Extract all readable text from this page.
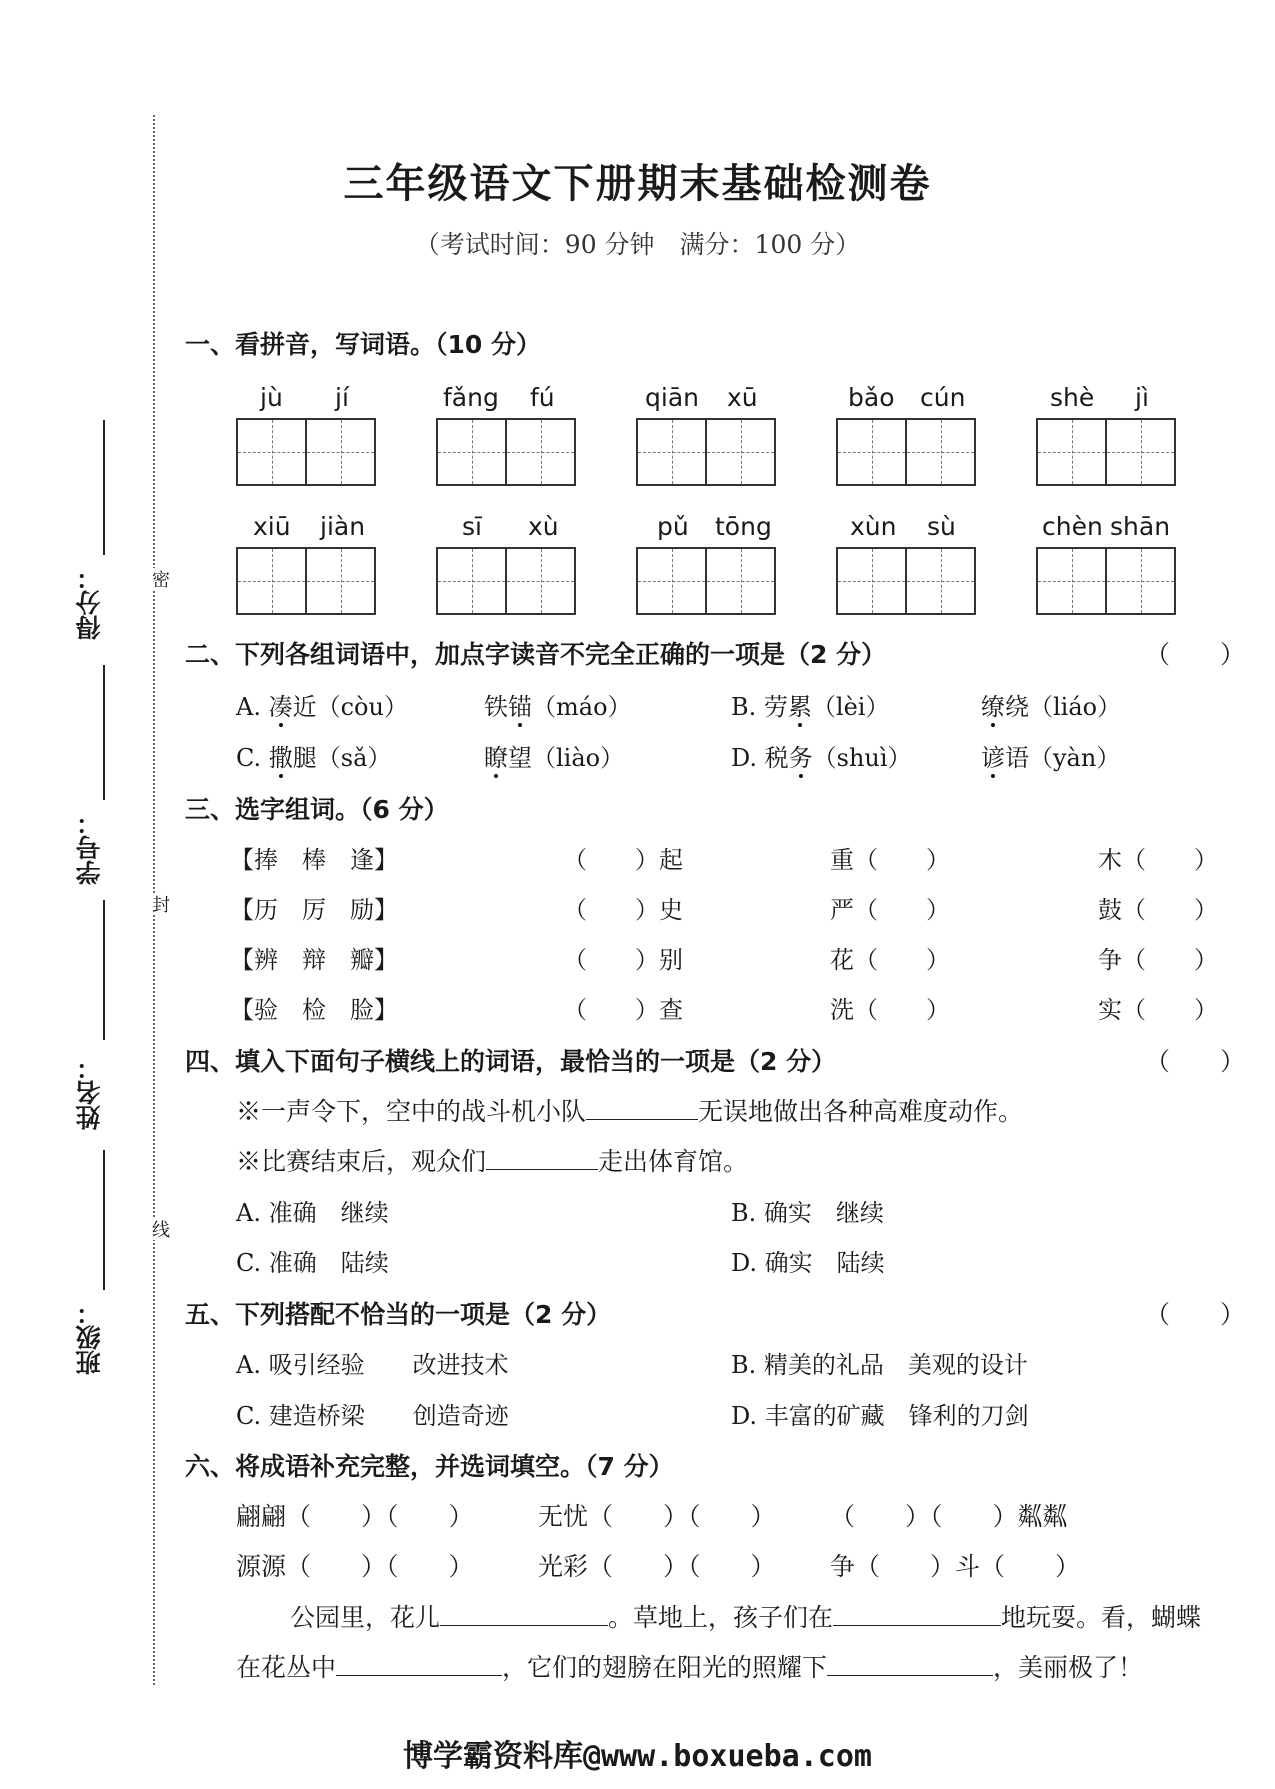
密
封
线
班级：
姓名：
学号：
得分：
三年级语文下册期末基础检测卷
（考试时间：90 分钟　满分：100 分）
一、看拼音，写词语。（10 分）
jù jí	fǎng fú	qiān xū	bǎo cún	shè jì
xiū jiàn	sī xù	pǔ tōng	xùn sù	chèn shān
二、下列各组词语中，加点字读音不完全正确的一项是（2 分）	（　　）
A. 凑近（còu）	铁锚（máo）	B. 劳累（lèi）	缭绕（liáo）
C. 撒腿（sǎ）	瞭望（liào）	D. 税务（shuì）	谚语（yàn）
三、选字组词。（6 分）
【捧　棒　逢】	（　　）起	重（　　）	木（　　）
【历　厉　励】	（　　）史	严（　　）	鼓（　　）
【辨　辩　瓣】	（　　）别	花（　　）	争（　　）
【验　检　脸】	（　　）查	洗（　　）	实（　　）
四、填入下面句子横线上的词语，最恰当的一项是（2 分）	（　　）
※一声令下，空中的战斗机小队	无误地做出各种高难度动作。
※比赛结束后，观众们	走出体育馆。
A. 准确　继续	B. 确实　继续
C. 准确　陆续	D. 确实　陆续
五、下列搭配不恰当的一项是（2 分）	（　　）
A. 吸引经验　　改进技术	B. 精美的礼品　美观的设计
C. 建造桥梁　　创造奇迹	D. 丰富的矿藏　锋利的刀剑
六、将成语补充完整，并选词填空。（7 分）
翩翩（　　）（　　）	无忧（　　）（　　） （　　）（　　）粼粼
源源（　　）（　　）	光彩（　　）（　　） 争（　　）斗（　　）
公园里，花儿	。草地上，孩子们在	地玩耍。看，蝴蝶
在花丛中	，它们的翅膀在阳光的照耀下	，美丽极了！
博学霸资料库@www.boxueba.com
